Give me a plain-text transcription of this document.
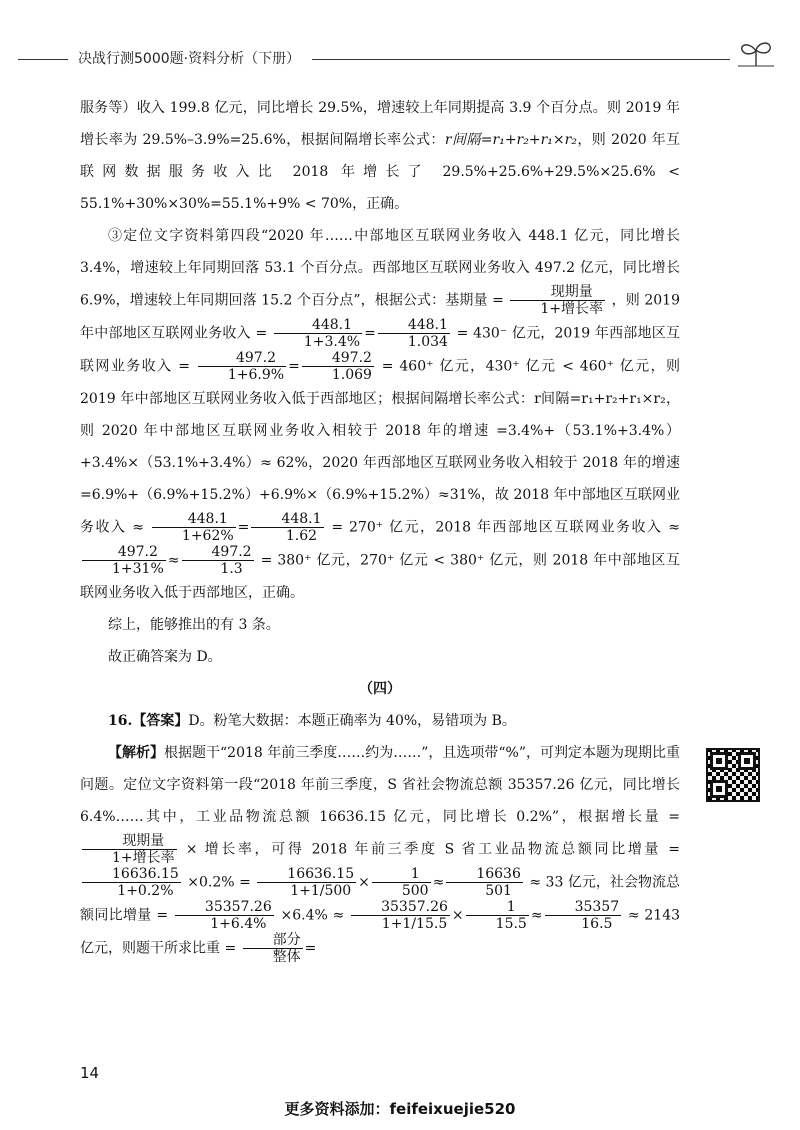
决战行测5000题·资料分析（下册）

服务等）收入 199.8 亿元，同比增长 29.5%，增速较上年同期提高 3.9 个百分点。则 2019 年增长率为 29.5%–3.9%=25.6%，根据间隔增长率公式：r间隔=r₁+r₂+r₁×r₂，则 2020 年互联网数据服务收入比 2018 年增长了 29.5%+25.6%+29.5%×25.6% < 55.1%+30%×30%=55.1%+9% < 70%，正确。

③定位文字资料第四段“2020 年……中部地区互联网业务收入 448.1 亿元，同比增长 3.4%，增速较上年同期回落 53.1 个百分点。西部地区互联网业务收入 497.2 亿元，同比增长 6.9%，增速较上年同期回落 15.2 个百分点”，根据公式：基期量 = $\frac{\text{现期量}}{\text{1+增长率}}$ ，则 2019 年中部地区互联网业务收入 = $\frac{448.1}{1+3.4\%} = \frac{448.1}{1.034} = 430^-$ 亿元，2019 年西部地区互联网业务收入 = $\frac{497.2}{1+6.9\%} = \frac{497.2}{1.069} = 460^+$ 亿元，430⁺ 亿元 < 460⁺ 亿元，则 2019 年中部地区互联网业务收入低于西部地区；根据间隔增长率公式：r间隔=r₁+r₂+r₁×r₂，则 2020 年中部地区互联网业务收入相较于 2018 年的增速 =3.4%+（53.1%+3.4%）+3.4%×（53.1%+3.4%）≈ 62%，2020 年西部地区互联网业务收入相较于 2018 年的增速 =6.9%+（6.9%+15.2%）+6.9%×（6.9%+15.2%）≈31%，故 2018 年中部地区互联网业务收入 ≈ $\frac{448.1}{1+62\%} = \frac{448.1}{1.62} = 270^+$ 亿元，2018 年西部地区互联网业务收入 ≈
$\frac{497.2}{1+31\%} \approx \frac{497.2}{1.3} = 380^+$ 亿元，270⁺ 亿元 < 380⁺ 亿元，则 2018 年中部地区互联网业务收入低于西部地区，正确。

综上，能够推出的有 3 条。

故正确答案为 D。

（四）

16.【答案】D。粉笔大数据：本题正确率为 40%，易错项为 B。

【解析】根据题干“2018 年前三季度……约为……”，且选项带“%”，可判定本题为现期比重问题。定位文字资料第一段“2018 年前三季度，S 省社会物流总额 35357.26 亿元，同比增长 6.4%……其中，工业品物流总额 16636.15 亿元，同比增长 0.2%”，根据增长量 =
$\frac{\text{现期量}}{\text{1+增长率}}$ × 增长率，可得 2018 年前三季度 S 省工业品物流总额同比增量 =
$\frac{16636.15}{1+0.2\%} \times 0.2\% = \frac{16636.15}{1+1/500} \times \frac{1}{500} \approx \frac{16636}{501} \approx 33$ 亿元，社会物流总额同比增量 = $\frac{35357.26}{1+6.4\%} \times 6.4\% \approx \frac{35357.26}{1+1/15.5} \times \frac{1}{15.5} \approx \frac{35357}{16.5} \approx 2143$ 亿元，则题干所求比重 = $\frac{\text{部分}}{\text{整体}}$ =

14
更多资料添加：feifeixuejie520
